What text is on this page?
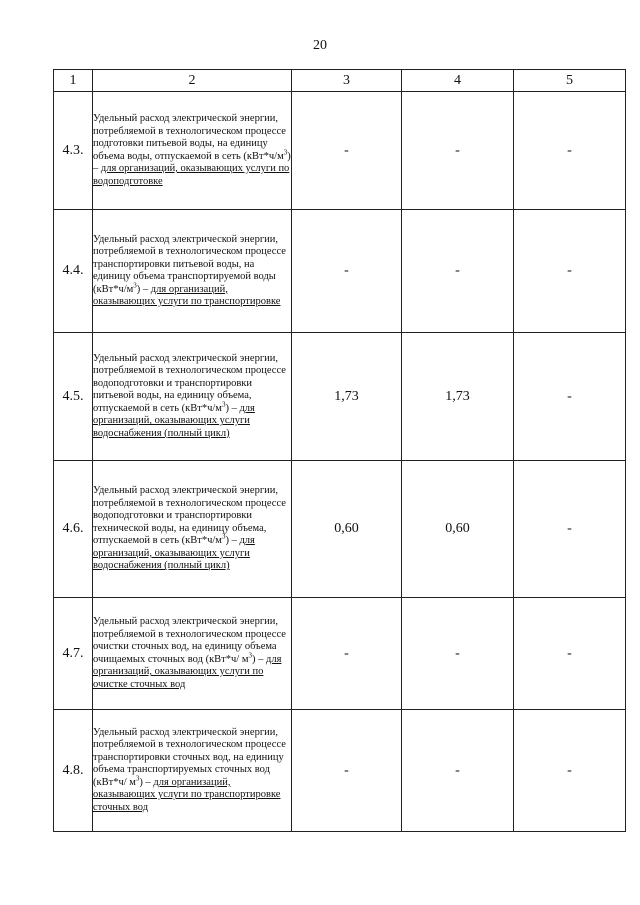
20
1	2	3	4	5
4.3.	Удельный расход электрической энергии, потребляемой в технологическом процессе подготовки питьевой воды, на единицу объема воды, отпускаемой в сеть $(кВт*ч/м^3)$ – для организаций, оказывающих услуги по водоподготовке	-	-	-
4.4.	Удельный расход электрической энергии, потребляемой в технологическом процессе транспортировки питьевой воды, на единицу объема транспортируемой воды $(кВт*ч/м^3)$ – для организаций, оказывающих услуги по транспортировке	-	-	-
4.5.	Удельный расход электрической энергии, потребляемой в технологическом процессе водоподготовки и транспортировки питьевой воды, на единицу объема, отпускаемой в сеть $(кВт*ч/м^3)$ – для организаций, оказывающих услуги водоснабжения (полный цикл)	1,73	1,73	-
4.6.	Удельный расход электрической энергии, потребляемой в технологическом процессе водоподготовки и транспортировки технической воды, на единицу объема, отпускаемой в сеть $(кВт*ч/м^3)$ – для организаций, оказывающих услуги водоснабжения (полный цикл)	0,60	0,60	-
4.7.	Удельный расход электрической энергии, потребляемой в технологическом процессе очистки сточных вод, на единицу объема очищаемых сточных вод (кВт*ч/ $м^3$) – для организаций, оказывающих услуги по очистке сточных вод	-	-	-
4.8.	Удельный расход электрической энергии, потребляемой в технологическом процессе транспортировки сточных вод, на единицу объема транспортируемых сточных вод (кВт*ч/ $м^3$) – для организаций, оказывающих услуги по транспортировке сточных вод	-	-	-
